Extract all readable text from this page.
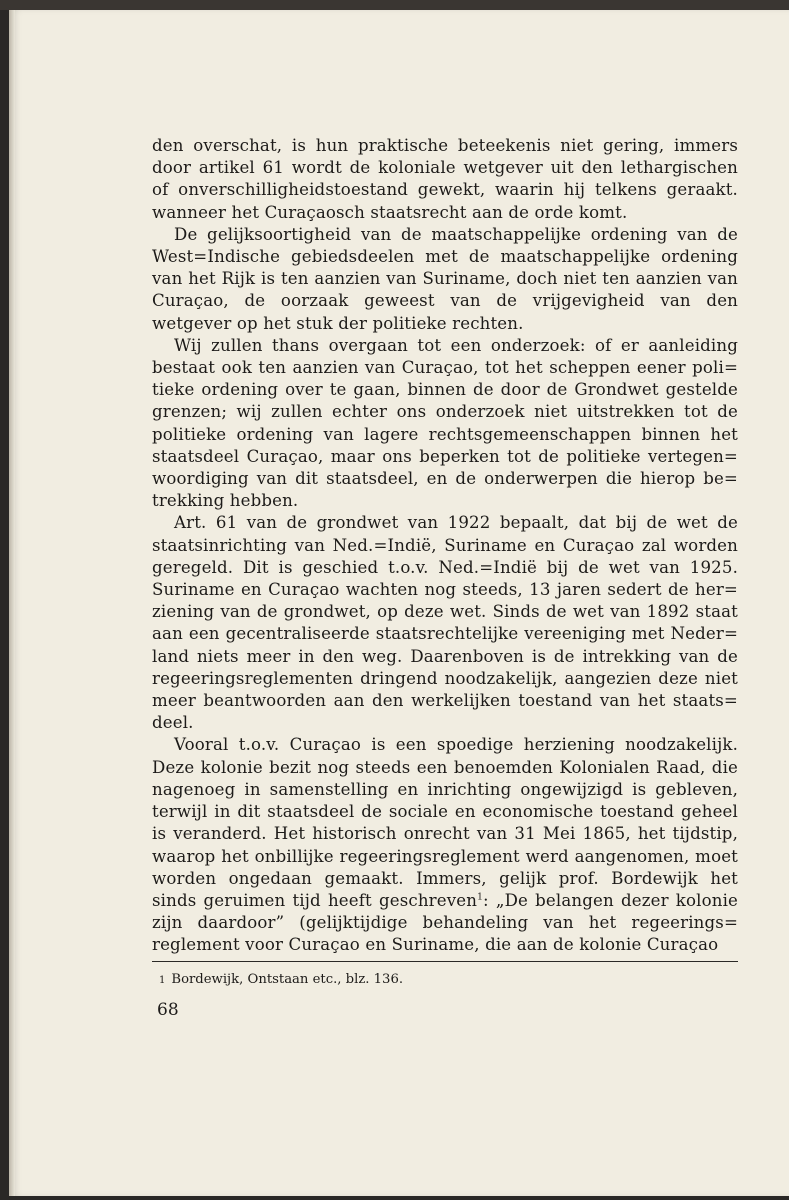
den overschat, is hun praktische beteekenis niet gering, immers door artikel 61 wordt de koloniale wetgever uit den lethargischen of onverschilligheidstoestand gewekt, waarin hij telkens geraakt. wanneer het Curaçaosch staatsrecht aan de orde komt.

De gelijksoortigheid van de maatschappelijke ordening van de West=Indische gebiedsdeelen met de maatschappelijke ordening van het Rijk is ten aanzien van Suriname, doch niet ten aanzien van Curaçao, de oorzaak geweest van de vrijgevigheid van den wetgever op het stuk der politieke rechten.

Wij zullen thans overgaan tot een onderzoek: of er aanleiding bestaat ook ten aanzien van Curaçao, tot het scheppen eener poli= tieke ordening over te gaan, binnen de door de Grondwet gestelde grenzen; wij zullen echter ons onderzoek niet uitstrekken tot de politieke ordening van lagere rechtsgemeenschappen binnen het staatsdeel Curaçao, maar ons beperken tot de politieke vertegen= woordiging van dit staatsdeel, en de onderwerpen die hierop be= trekking hebben.

Art. 61 van de grondwet van 1922 bepaalt, dat bij de wet de staatsinrichting van Ned.=Indië, Suriname en Curaçao zal worden geregeld. Dit is geschied t.o.v. Ned.=Indië bij de wet van 1925. Suriname en Curaçao wachten nog steeds, 13 jaren sedert de her= ziening van de grondwet, op deze wet. Sinds de wet van 1892 staat aan een gecentraliseerde staatsrechtelijke vereeniging met Neder= land niets meer in den weg. Daarenboven is de intrekking van de regeeringsreglementen dringend noodzakelijk, aangezien deze niet meer beantwoorden aan den werkelijken toestand van het staats= deel.

Vooral t.o.v. Curaçao is een spoedige herziening noodzakelijk. Deze kolonie bezit nog steeds een benoemden Kolonialen Raad, die nagenoeg in samenstelling en inrichting ongewijzigd is gebleven, terwijl in dit staatsdeel de sociale en economische toestand geheel is veranderd. Het historisch onrecht van 31 Mei 1865, het tijdstip, waarop het onbillijke regeeringsreglement werd aangenomen, moet worden ongedaan gemaakt. Immers, gelijk prof. Bordewijk het sinds geruimen tijd heeft geschreven$^1$: „De belangen dezer kolonie zijn daardoor” (gelijktijdige behandeling van het regeerings= reglement voor Curaçao en Suriname, die aan de kolonie Curaçao

1 Bordewijk, Ontstaan etc., blz. 136.
68
